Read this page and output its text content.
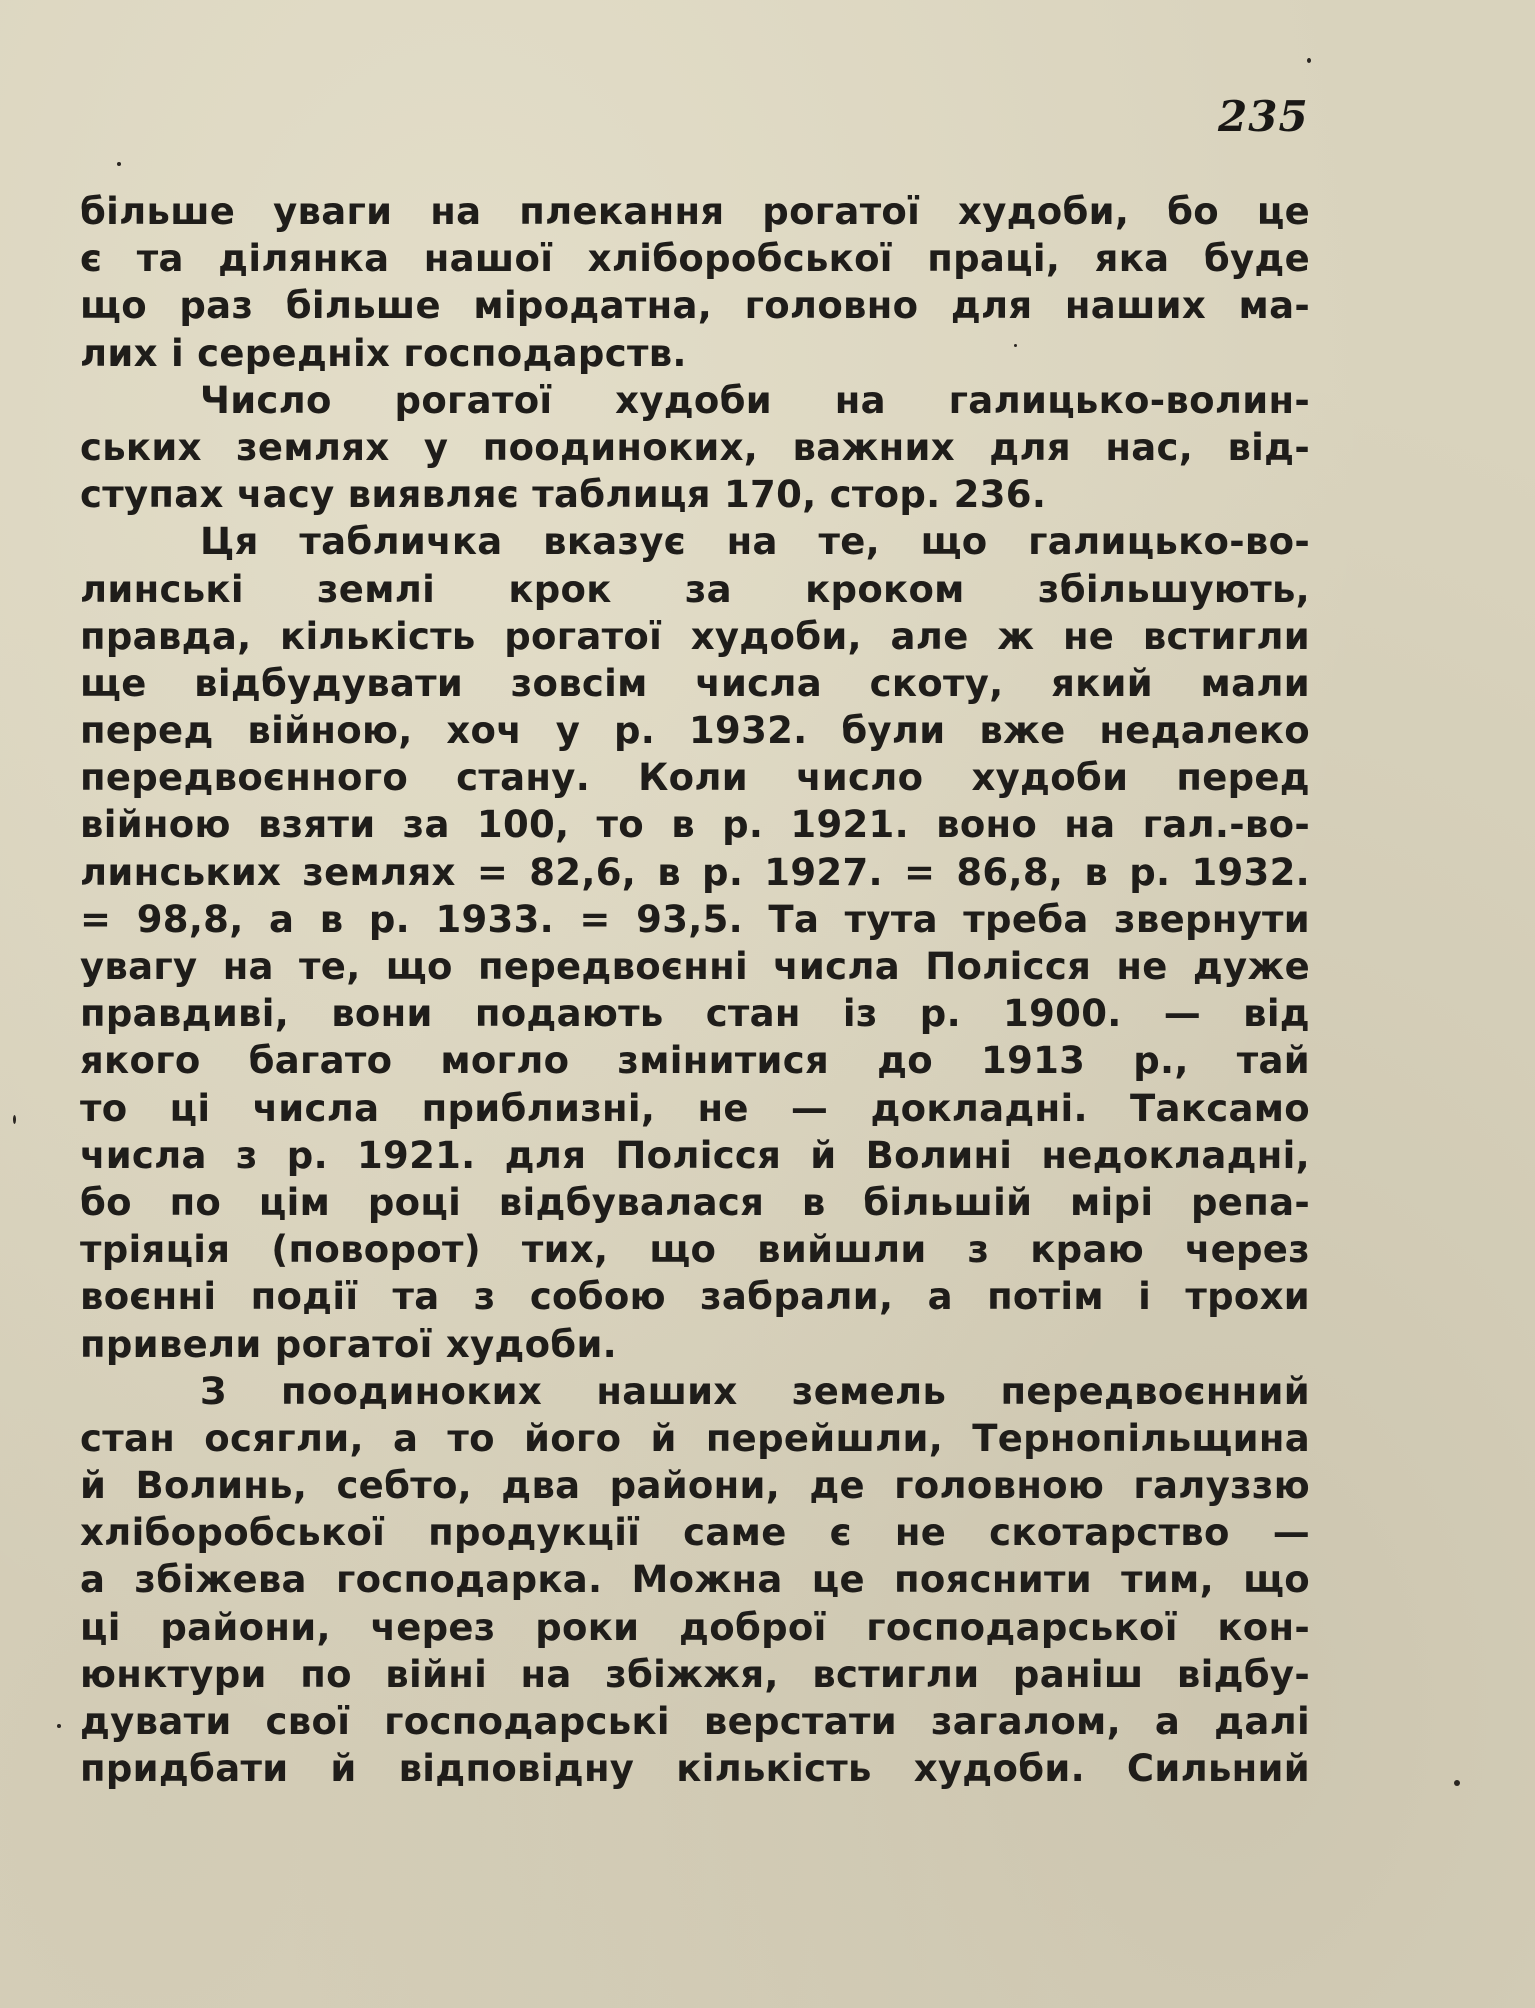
235
більше уваги на плекання рогатої худоби, бо це
є та ділянка нашої хліборобської праці, яка буде
що раз більше міродатна, головно для наших ма-
лих і середніх господарств.
Число рогатої худоби на галицько-волин-
ських землях у поодиноких, важних для нас, від-
ступах часу виявляє таблиця 170, стор. 236.
Ця табличка вказує на те, що галицько-во-
линські землі крок за кроком збільшують,
правда, кількість рогатої худоби, але ж не встигли
ще відбудувати зовсім числа скоту, який мали
перед війною, хоч у р. 1932. були вже недалеко
передвоєнного стану. Коли число худоби перед
війною взяти за 100, то в р. 1921. воно на гал.-во-
линських землях = 82,6, в р. 1927. = 86,8, в р. 1932.
= 98,8, а в р. 1933. = 93,5. Та тута треба звернути
увагу на те, що передвоєнні числа Полісся не дуже
правдиві, вони подають стан із р. 1900. — від
якого багато могло змінитися до 1913 р., тай
то ці числа приблизні, не — докладні. Таксамо
числа з р. 1921. для Полісся й Волині недокладні,
бо по цім році відбувалася в більшій мірі репа-
тріяція (поворот) тих, що вийшли з краю через
воєнні події та з собою забрали, а потім і трохи
привели рогатої худоби.
З поодиноких наших земель передвоєнний
стан осягли, а то його й перейшли, Тернопільщина
й Волинь, себто, два райони, де головною галуззю
хліборобської продукції саме є не скотарство —
а збіжева господарка. Можна це пояснити тим, що
ці райони, через роки доброї господарської кон-
юнктури по війні на збіжжя, встигли раніш відбу-
дувати свої господарські верстати загалом, а далі
придбати й відповідну кількість худоби. Сильний
